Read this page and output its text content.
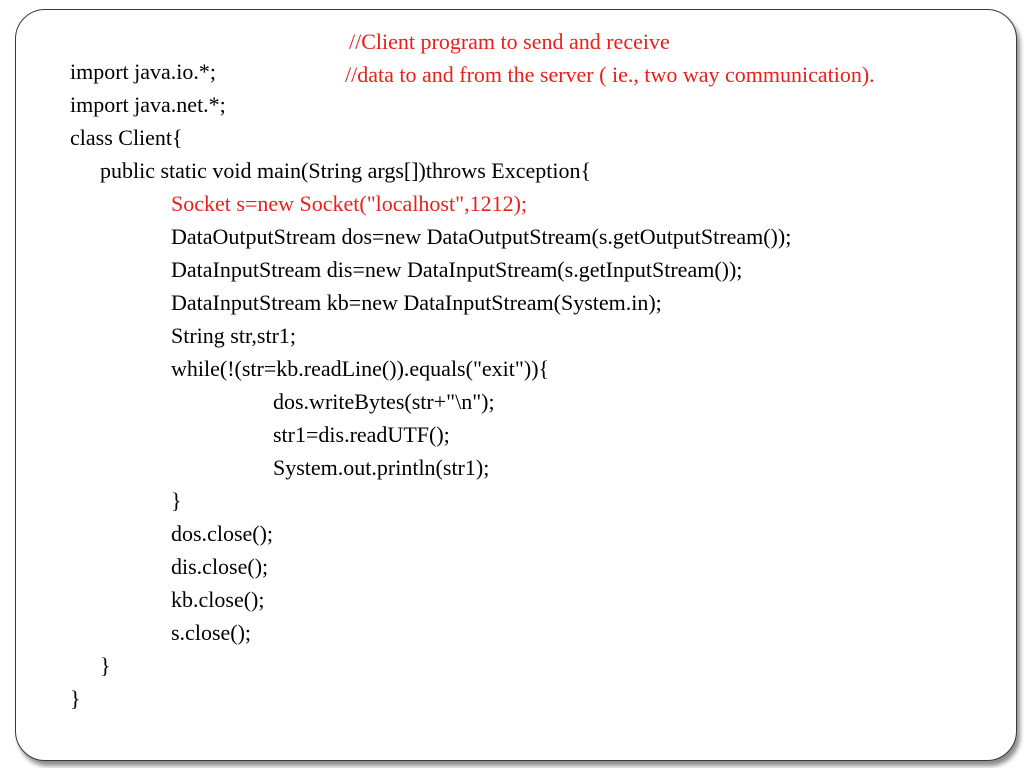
import java.io.*;

//Client program to send and receive

import java.net.*;

//data to and from the server ( ie., two way communication).

class Client{

public static void main(String args[])throws Exception{

Socket s=new Socket("localhost",1212);

DataOutputStream dos=new DataOutputStream(s.getOutputStream());

DataInputStream dis=new DataInputStream(s.getInputStream());

DataInputStream kb=new DataInputStream(System.in);

String str,str1;

while(!(str=kb.readLine()).equals("exit")){

dos.writeBytes(str+"\n");

str1=dis.readUTF();

System.out.println(str1);

}

dos.close();

dis.close();

kb.close();

s.close();

}

}
